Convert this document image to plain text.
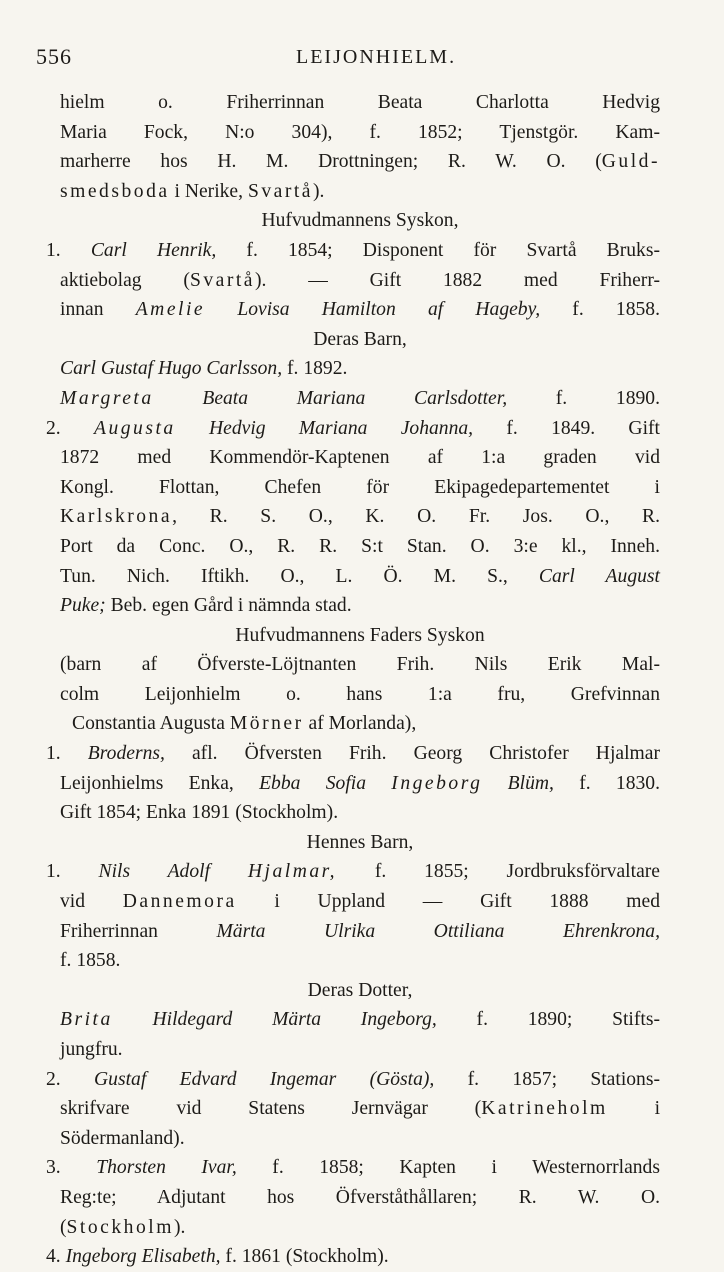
556	LEIJONHIELM.
hielm o. Friherrinnan Beata Charlotta Hedvig
Maria Fock, N:o 304), f. 1852; Tjenstgör. Kam-
marherre hos H. M. Drottningen; R. W. O. (Guld-
smedsboda i Nerike, Svartå).
Hufvudmannens Syskon,
1. Carl Henrik, f. 1854; Disponent för Svartå Bruks-
aktiebolag (Svartå). — Gift 1882 med Friherr-
innan Amelie Lovisa Hamilton af Hageby, f. 1858.
Deras Barn,
Carl Gustaf Hugo Carlsson, f. 1892.
Margreta Beata Mariana Carlsdotter, f. 1890.
2. Augusta Hedvig Mariana Johanna, f. 1849. Gift
1872 med Kommendör-Kaptenen af 1:a graden vid
Kongl. Flottan, Chefen för Ekipagedepartementet i
Karlskrona, R. S. O., K. O. Fr. Jos. O., R.
Port da Conc. O., R. R. S:t Stan. O. 3:e kl., Inneh.
Tun. Nich. Iftikh. O., L. Ö. M. S., Carl August
Puke; Beb. egen Gård i nämnda stad.
Hufvudmannens Faders Syskon
(barn af Öfverste-Löjtnanten Frih. Nils Erik Mal-
colm Leijonhielm o. hans 1:a fru, Grefvinnan
Constantia Augusta Mörner af Morlanda),
1. Broderns, afl. Öfversten Frih. Georg Christofer Hjalmar
Leijonhielms Enka, Ebba Sofia Ingeborg Blüm, f. 1830.
Gift 1854; Enka 1891 (Stockholm).
Hennes Barn,
1. Nils Adolf Hjalmar, f. 1855; Jordbruksförvaltare
vid Dannemora i Uppland — Gift 1888 med
Friherrinnan Märta Ulrika Ottiliana Ehrenkrona,
f. 1858.
Deras Dotter,
Brita Hildegard Märta Ingeborg, f. 1890; Stifts-
jungfru.
2. Gustaf Edvard Ingemar (Gösta), f. 1857; Stations-
skrifvare vid Statens Jernvägar (Katrineholm i
Södermanland).
3. Thorsten Ivar, f. 1858; Kapten i Westernorrlands
Reg:te; Adjutant hos Öfverståthållaren; R. W. O.
(Stockholm).
4. Ingeborg Elisabeth, f. 1861 (Stockholm).
